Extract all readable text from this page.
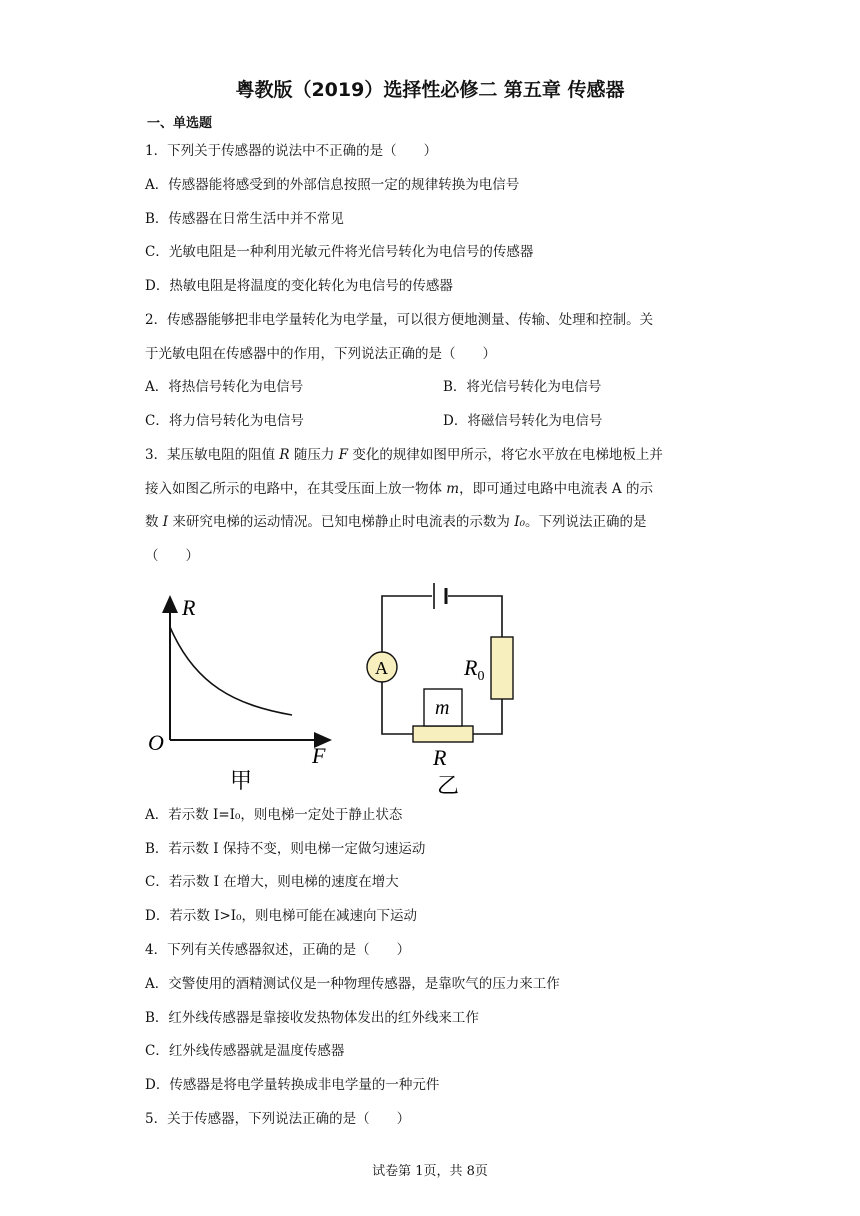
粤教版（2019）选择性必修二 第五章 传感器
一、单选题
1．下列关于传感器的说法中不正确的是（　　）
A．传感器能将感受到的外部信息按照一定的规律转换为电信号
B．传感器在日常生活中并不常见
C．光敏电阻是一种利用光敏元件将光信号转化为电信号的传感器
D．热敏电阻是将温度的变化转化为电信号的传感器
2．传感器能够把非电学量转化为电学量，可以很方便地测量、传输、处理和控制。关
于光敏电阻在传感器中的作用，下列说法正确的是（　　）
A．将热信号转化为电信号	B．将光信号转化为电信号
C．将力信号转化为电信号	D．将磁信号转化为电信号
3．某压敏电阻的阻值 R 随压力 F 变化的规律如图甲所示，将它水平放在电梯地板上并
接入如图乙所示的电路中，在其受压面上放一物体 m，即可通过电路中电流表 A 的示
数 I 来研究电梯的运动情况。已知电梯静止时电流表的示数为 I₀。下列说法正确的是
（　　）
R
O
F
甲
$R_0$
A
m
R
乙
A．若示数 I=I₀，则电梯一定处于静止状态
B．若示数 I 保持不变，则电梯一定做匀速运动
C．若示数 I 在增大，则电梯的速度在增大
D．若示数 I>I₀，则电梯可能在减速向下运动
4．下列有关传感器叙述，正确的是（　　）
A．交警使用的酒精测试仪是一种物理传感器，是靠吹气的压力来工作
B．红外线传感器是靠接收发热物体发出的红外线来工作
C．红外线传感器就是温度传感器
D．传感器是将电学量转换成非电学量的一种元件
5．关于传感器，下列说法正确的是（　　）
试卷第 1页，共 8页
